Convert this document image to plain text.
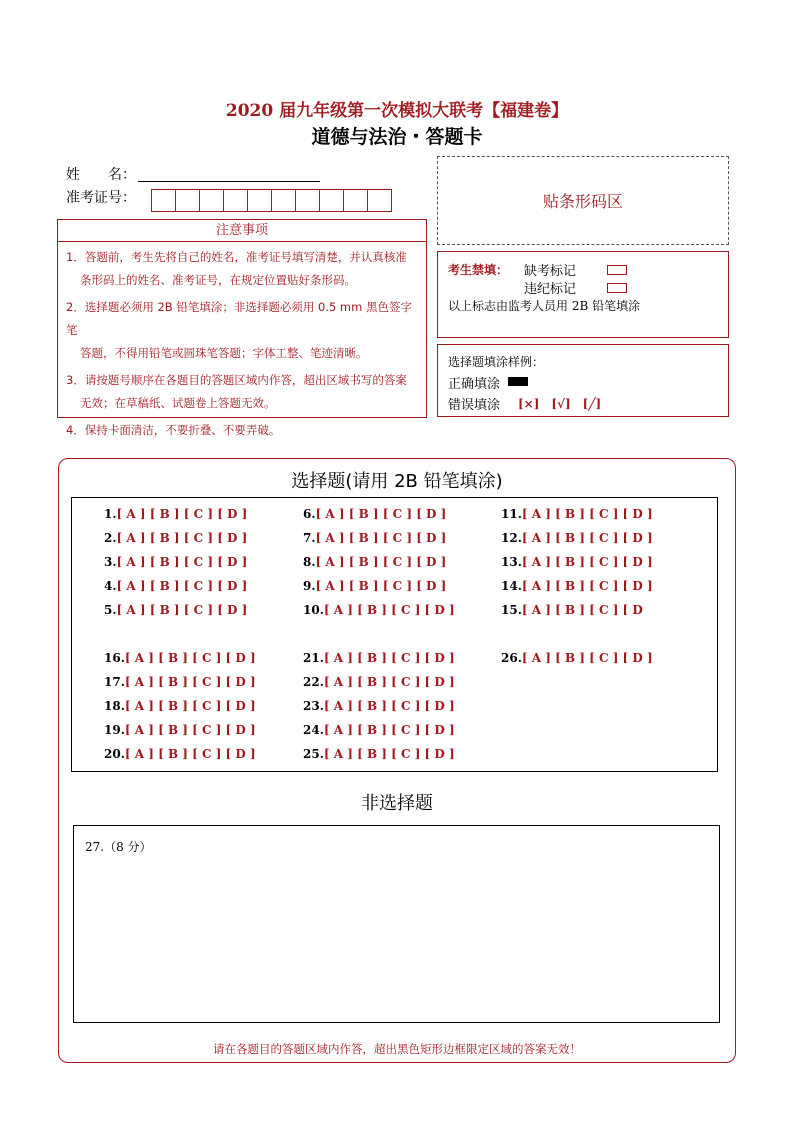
2020 届九年级第一次模拟大联考【福建卷】
道德与法治・答题卡
姓　　名：
准考证号：	贴条形码区
注意事项

1．答题前，考生先将自己的姓名，准考证号填写清楚，并认真核准
条形码上的姓名、准考证号，在规定位置贴好条形码。

2．选择题必须用 2B 铅笔填涂；非选择题必须用 0.5 mm 黑色签字笔
答题，不得用铅笔或圆珠笔答题；字体工整、笔迹清晰。

3．请按题号顺序在各题目的答题区域内作答，超出区域书写的答案
无效；在草稿纸、试题卷上答题无效。

4．保持卡面清洁，不要折叠、不要弄破。

考生禁填： 缺考标记
违纪标记
以上标志由监考人员用 2B 铅笔填涂
选择题填涂样例：
正确填涂
错误填涂 [×]　[√]　[╱]
选择题(请用 2B 铅笔填涂)
1.[ A ] [ B ] [ C ] [ D ]
2.[ A ] [ B ] [ C ] [ D ]
3.[ A ] [ B ] [ C ] [ D ]
4.[ A ] [ B ] [ C ] [ D ]
5.[ A ] [ B ] [ C ] [ D ]
16.[ A ] [ B ] [ C ] [ D ]
17.[ A ] [ B ] [ C ] [ D ]
18.[ A ] [ B ] [ C ] [ D ]
19.[ A ] [ B ] [ C ] [ D ]
20.[ A ] [ B ] [ C ] [ D ]
6.[ A ] [ B ] [ C ] [ D ]
7.[ A ] [ B ] [ C ] [ D ]
8.[ A ] [ B ] [ C ] [ D ]
9.[ A ] [ B ] [ C ] [ D ]
10.[ A ] [ B ] [ C ] [ D ]
21.[ A ] [ B ] [ C ] [ D ]
22.[ A ] [ B ] [ C ] [ D ]
23.[ A ] [ B ] [ C ] [ D ]
24.[ A ] [ B ] [ C ] [ D ]
25.[ A ] [ B ] [ C ] [ D ]
11.[ A ] [ B ] [ C ] [ D ]
12.[ A ] [ B ] [ C ] [ D ]
13.[ A ] [ B ] [ C ] [ D ]
14.[ A ] [ B ] [ C ] [ D ]
15.[ A ] [ B ] [ C ] [ D
26.[ A ] [ B ] [ C ] [ D ]
非选择题
27.（8 分）
请在各题目的答题区域内作答，超出黑色矩形边框限定区域的答案无效！
